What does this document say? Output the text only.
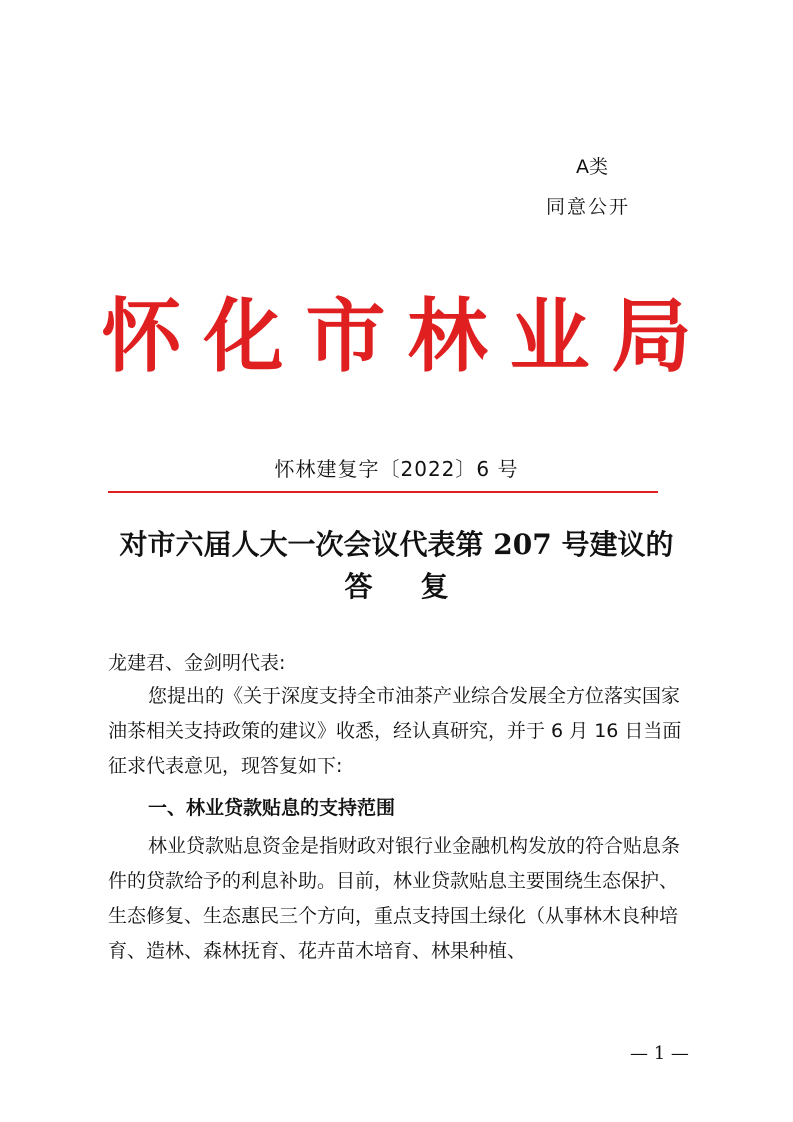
A类
同意公开
怀化市林业局
怀林建复字〔2022〕6 号
对市六届人大一次会议代表第 207 号建议的
答复
龙建君、金剑明代表:
您提出的《关于深度支持全市油茶产业综合发展全方位落实国家油茶相关支持政策的建议》收悉，经认真研究，并于 6 月 16 日当面征求代表意见，现答复如下:
一、林业贷款贴息的支持范围
林业贷款贴息资金是指财政对银行业金融机构发放的符合贴息条件的贷款给予的利息补助。目前，林业贷款贴息主要围绕生态保护、生态修复、生态惠民三个方向，重点支持国土绿化（从事林木良种培育、造林、森林抚育、花卉苗木培育、林果种植、
— 1 —
